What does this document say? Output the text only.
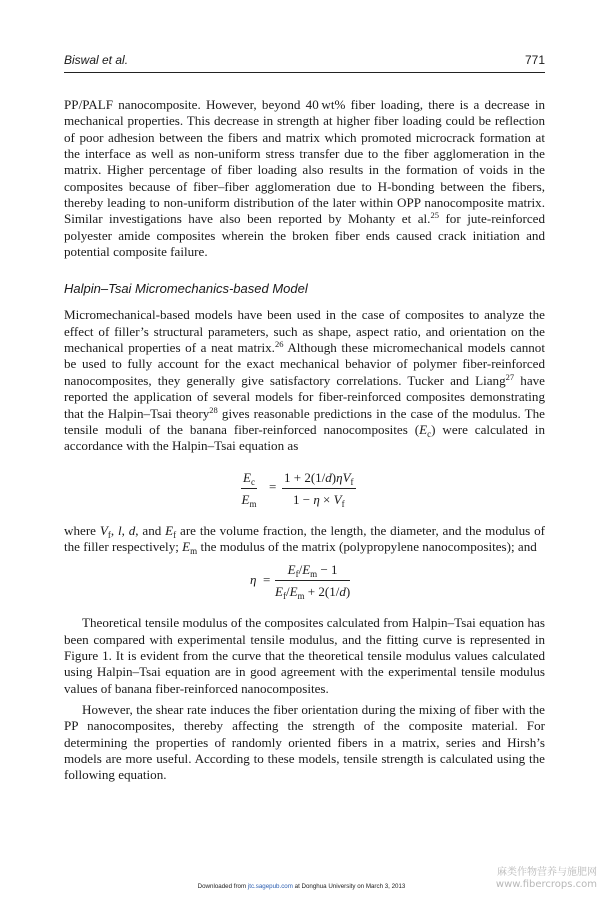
Biswal et al.	771

PP/PALF nanocomposite. However, beyond 40 wt% fiber loading, there is a decrease in mechanical properties. This decrease in strength at higher fiber loading could be reflection of poor adhesion between the fibers and matrix which promoted microcrack formation at the interface as well as non-uniform stress transfer due to the fiber agglomeration in the matrix. Higher percentage of fiber loading also results in the formation of voids in the composites because of fiber–fiber agglomeration due to H-bonding between the fibers, thereby leading to non-uniform distribution of the later within OPP nanocomposite matrix. Similar investigations have also been reported by Mohanty et al.$^{25}$ for jute-reinforced polyester amide composites wherein the broken fiber ends caused crack initiation and potential composite failure.

Halpin–Tsai Micromechanics-based Model

Micromechanical-based models have been used in the case of composites to analyze the effect of filler’s structural parameters, such as shape, aspect ratio, and orientation on the mechanical properties of a neat matrix.$^{26}$ Although these micromechanical models cannot be used to fully account for the exact mechanical behavior of polymer fiber-reinforced nanocomposites, they generally give satisfactory correlations. Tucker and Liang$^{27}$ have reported the application of several models for fiber-reinforced composites demonstrating that the Halpin–Tsai theory$^{28}$ gives reasonable predictions in the case of the modulus. The tensile moduli of the banana fiber-reinforced nanocomposites $(E_c)$ were calculated in accordance with the Halpin–Tsai equation as

$\frac{E_c}{E_m}$ =
$1 + 2(1/d)\eta V_f$
$1 - \eta \times V_f$

where $V_f$, l, d, and $E_f$ are the volume fraction, the length, the diameter, and the modulus of the filler respectively; $E_m$ the modulus of the matrix (polypropylene nanocomposites); and

$\eta = \frac{E_f/E_m - 1}{E_f/E_m + 2(1/d)}$

Theoretical tensile modulus of the composites calculated from Halpin–Tsai equation has been compared with experimental tensile modulus, and the fitting curve is represented in Figure 1. It is evident from the curve that the theoretical tensile modulus values calculated using Halpin–Tsai equation are in good agreement with the experimental tensile modulus values of banana fiber-reinforced nanocomposites.

However, the shear rate induces the fiber orientation during the mixing of fiber with the PP nanocomposites, thereby affecting the strength of the composite material. For determining the properties of randomly oriented fibers in a matrix, series and Hirsh’s models are more useful. According to these models, tensile strength is calculated using the following equation.

Downloaded from jtc.sagepub.com at Donghua University on March 3, 2013
麻类作物营养与施肥网
www.fibercrops.com
